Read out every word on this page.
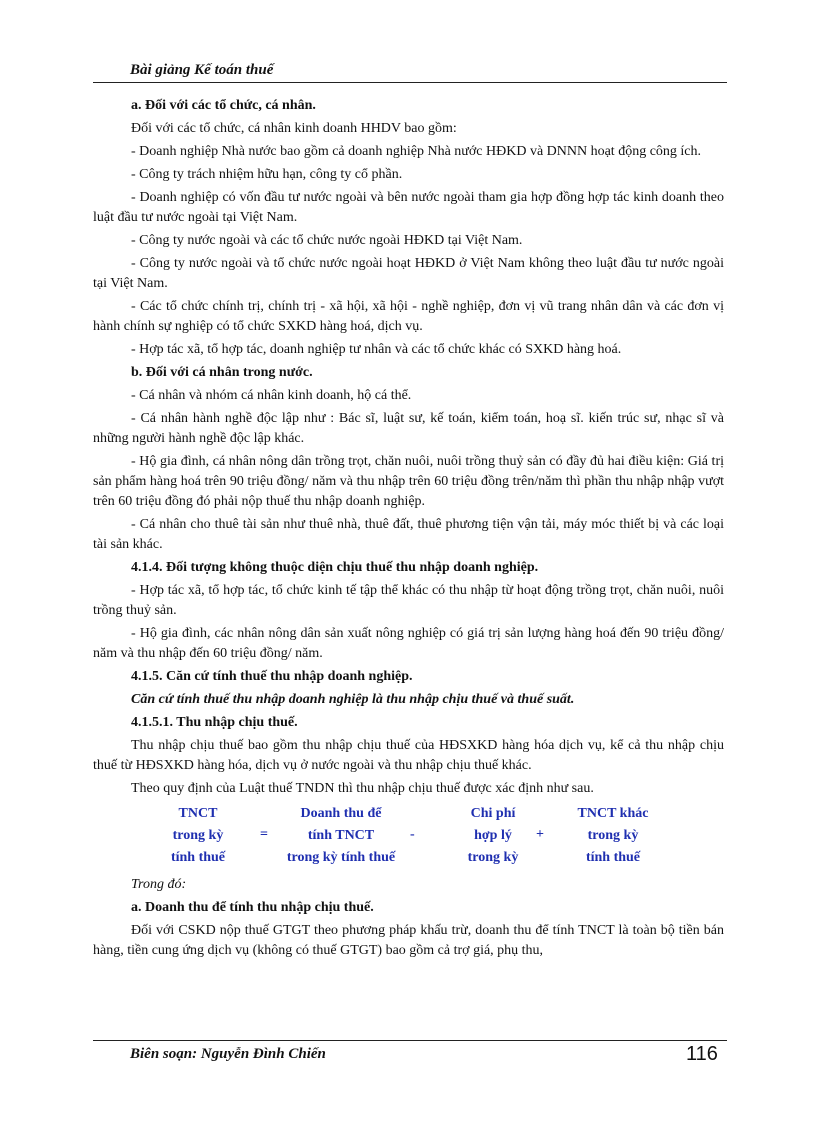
Bài giảng Kế toán thuế

a. Đối với các tổ chức, cá nhân.

Đối với các tổ chức, cá nhân kinh doanh HHDV bao gồm:

- Doanh nghiệp Nhà nước bao gồm cả doanh nghiệp Nhà nước HĐKD và DNNN hoạt động công ích.

- Công ty trách nhiệm hữu hạn, công ty cổ phần.

- Doanh nghiệp có vốn đầu tư nước ngoài và bên nước ngoài tham gia hợp đồng hợp tác kinh doanh theo luật đầu tư nước ngoài tại Việt Nam.

- Công ty nước ngoài và các tổ chức nước ngoài HĐKD tại Việt Nam.

- Công ty nước ngoài và tổ chức nước ngoài hoạt HĐKD ở Việt Nam không theo luật đầu tư nước ngoài tại Việt Nam.

- Các tổ chức chính trị, chính trị - xã hội, xã hội - nghề nghiệp, đơn vị vũ trang nhân dân và các đơn vị hành chính sự nghiệp có tổ chức SXKD hàng hoá, dịch vụ.

- Hợp tác xã, tổ hợp tác, doanh nghiệp tư nhân và các tổ chức khác có SXKD hàng hoá.

b. Đối với cá nhân trong nước.

- Cá nhân và nhóm cá nhân kinh doanh, hộ cá thể.

- Cá nhân hành nghề độc lập như : Bác sĩ, luật sư, kế toán, kiểm toán, hoạ sĩ. kiến trúc sư, nhạc sĩ và những người hành nghề độc lập khác.

- Hộ gia đình, cá nhân nông dân trồng trọt, chăn nuôi, nuôi trồng thuỷ sản có đầy đủ hai điều kiện: Giá trị sản phẩm hàng hoá trên 90 triệu đồng/ năm và thu nhập trên 60 triệu đồng trên/năm thì phần thu nhập nhập vượt trên 60 triệu đồng đó phải nộp thuế thu nhập doanh nghiệp.

- Cá nhân cho thuê tài sản như thuê nhà, thuê đất, thuê phương tiện vận tải, máy móc thiết bị và các loại tài sản khác.

4.1.4. Đối tượng không thuộc diện chịu thuế thu nhập doanh nghiệp.

- Hợp tác xã, tổ hợp tác, tổ chức kinh tế tập thể khác có thu nhập từ hoạt động trồng trọt, chăn nuôi, nuôi trồng thuỷ sản.

- Hộ gia đình, các nhân nông dân sản xuất nông nghiệp có giá trị sản lượng hàng hoá đến 90 triệu đồng/ năm và thu nhập đến 60 triệu đồng/ năm.

4.1.5. Căn cứ tính thuế thu nhập doanh nghiệp.

Căn cứ tính thuế thu nhập doanh nghiệp là thu nhập chịu thuế và thuế suất.

4.1.5.1. Thu nhập chịu thuế.

Thu nhập chịu thuế bao gồm thu nhập chịu thuế của HĐSXKD hàng hóa dịch vụ, kể cả thu nhập chịu thuế từ HĐSXKD hàng hóa, dịch vụ ở nước ngoài và thu nhập chịu thuế khác.

Theo quy định của Luật thuế TNDN thì thu nhập chịu thuế được xác định như sau.

TNCT
trong kỳ
tính thuế
=
Doanh thu để
tính TNCT
trong kỳ tính thuế
-
Chi phí
hợp lý
trong kỳ
+
TNCT khác
trong kỳ
tính thuế

Trong đó:

a. Doanh thu để tính thu nhập chịu thuế.

Đối với CSKD nộp thuế GTGT theo phương pháp khấu trừ, doanh thu để tính TNCT là toàn bộ tiền bán hàng, tiền cung ứng dịch vụ (không có thuế GTGT) bao gồm cả trợ giá, phụ thu,

Biên soạn: Nguyễn Đình Chiến	116
